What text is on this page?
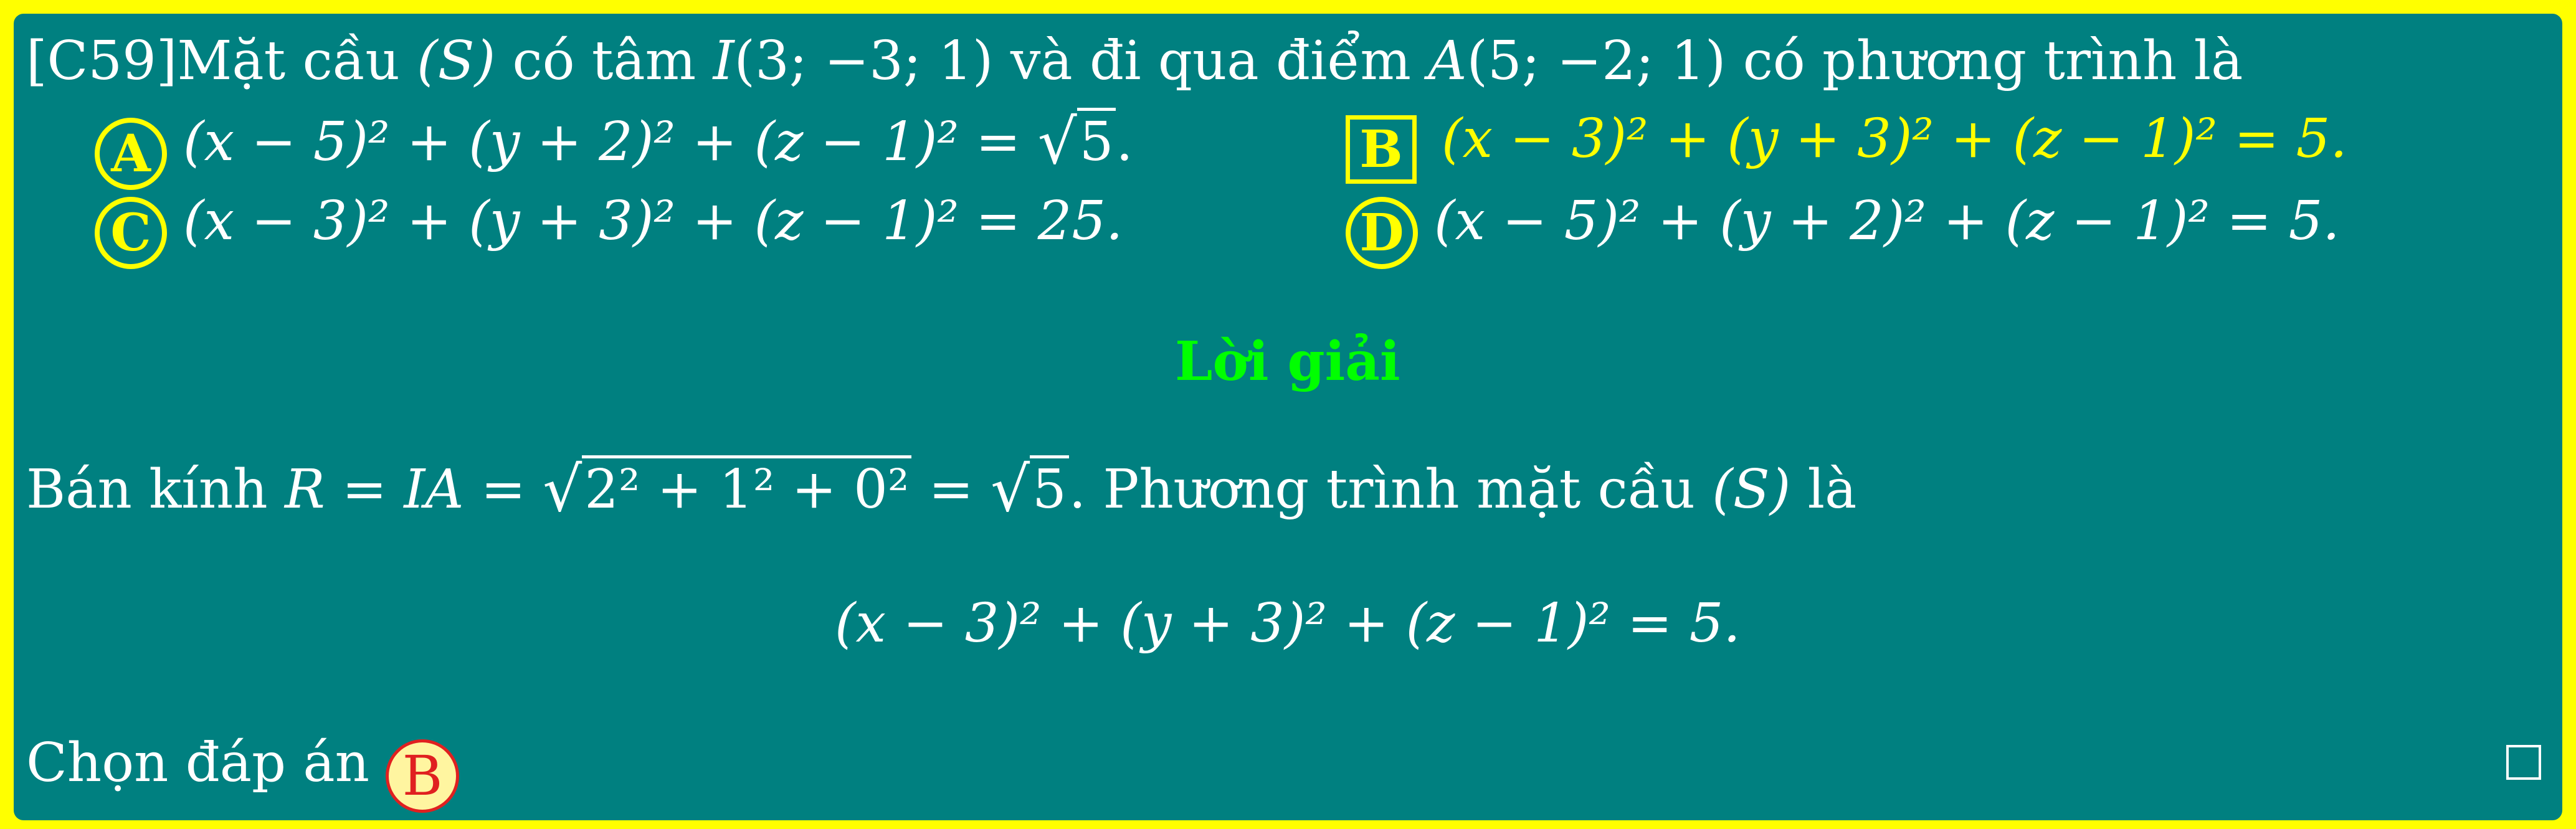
[C59]Mặt cầu (S) có tâm I(3; −3; 1) và đi qua điểm A(5; −2; 1) có phương trình là
A (x − 5)² + (y + 2)² + (z − 1)² = √5.	B (x − 3)² + (y + 3)² + (z − 1)² = 5.
C (x − 3)² + (y + 3)² + (z − 1)² = 25.	D (x − 5)² + (y + 2)² + (z − 1)² = 5.
Lời giải
Bán kính R = IA = √2² + 1² + 0² = √5. Phương trình mặt cầu (S) là
(x − 3)² + (y + 3)² + (z − 1)² = 5.
Chọn đáp án B
